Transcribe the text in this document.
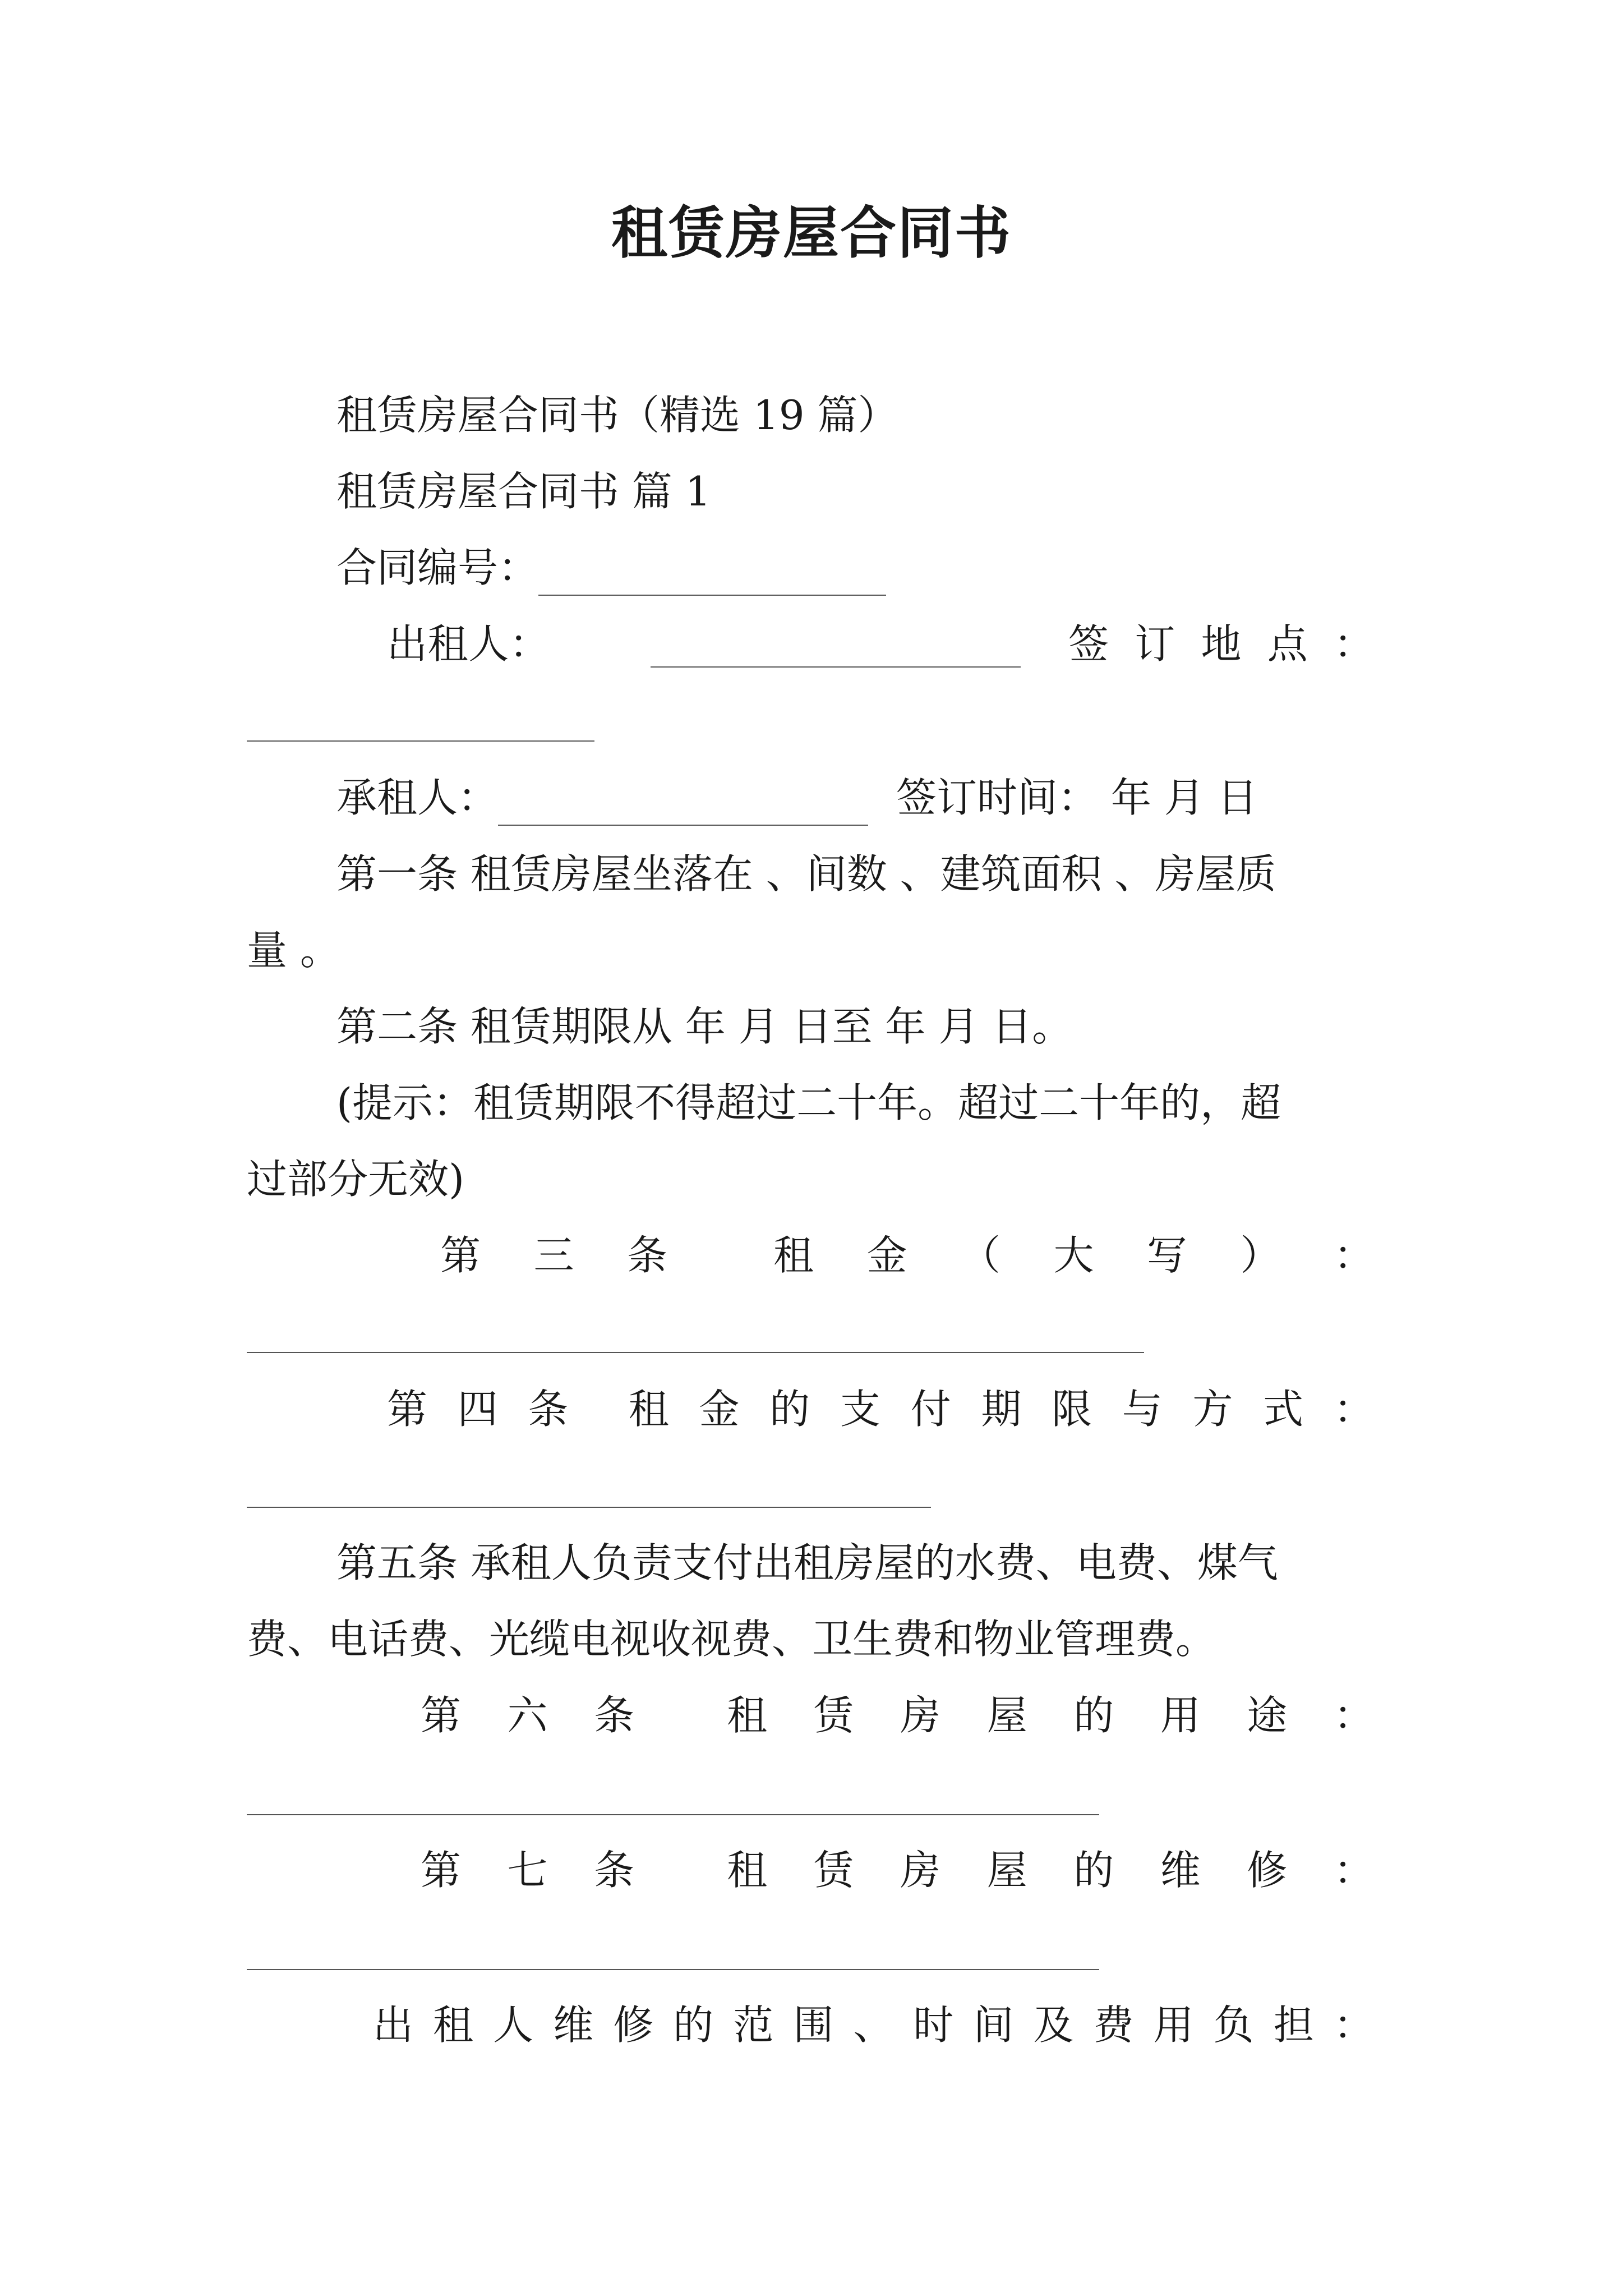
租赁房屋合同书
租赁房屋合同书（精选 19 篇）
租赁房屋合同书 篇 1
合同编号：
出 租 人 ：	签 订 地 点 ：
承租人：	签订时间： 年 月 日
第一条 租赁房屋坐落在 、间数 、建筑面积 、房屋质
量 。
第二条 租赁期限从 年 月 日至 年 月 日。
(提示：租赁期限不得超过二十年。超过二十年的，超
过部分无效)
第 三 条	租 金 （ 大 写 ） ：
第 四 条 租 金 的 支 付 期 限 与 方 式 ：
第五条 承租人负责支付出租房屋的水费、电费、煤气
费、电话费、光缆电视收视费、卫生费和物业管理费。
第 六 条 租 赁 房 屋 的 用 途 ：
第 七 条 租 赁 房 屋 的 维 修 ：
出 租 人 维 修 的 范 围 、 时 间 及 费 用 负 担 ：
